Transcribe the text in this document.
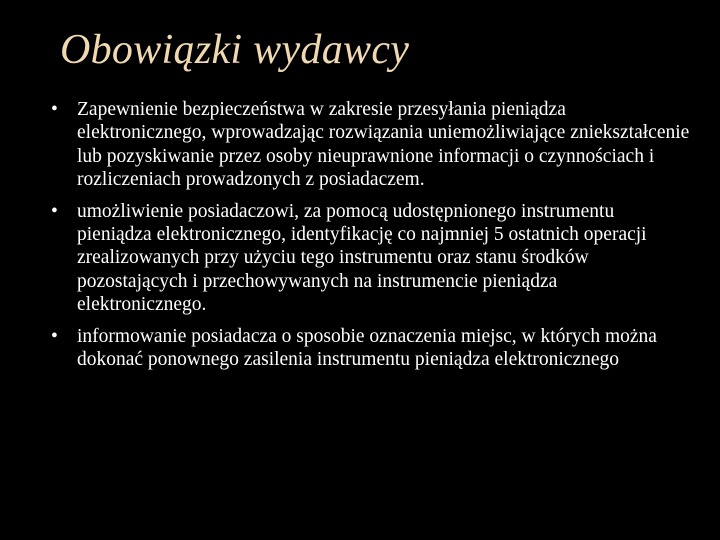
Obowiązki wydawcy
• Zapewnienie bezpieczeństwa w zakresie przesyłania pieniądza elektronicznego, wprowadzając rozwiązania uniemożliwiające zniekształcenie lub pozyskiwanie przez osoby nieuprawnione informacji o czynnościach i rozliczeniach prowadzonych z posiadaczem.
• umożliwienie posiadaczowi, za pomocą udostępnionego instrumentu pieniądza elektronicznego, identyfikację co najmniej 5 ostatnich operacji zrealizowanych przy użyciu tego instrumentu oraz stanu środków pozostających i przechowywanych na instrumencie pieniądza elektronicznego.
• informowanie posiadacza o sposobie oznaczenia miejsc, w których można dokonać ponownego zasilenia instrumentu pieniądza elektronicznego
